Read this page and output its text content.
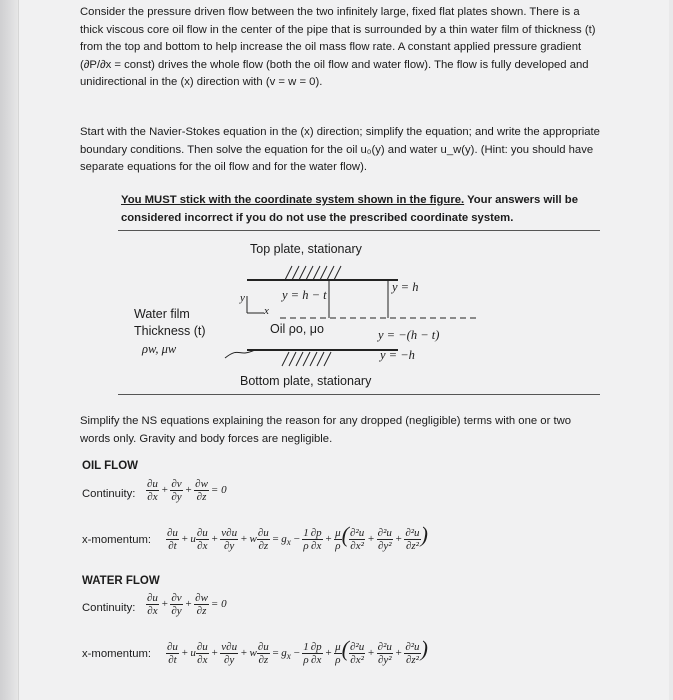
Consider the pressure driven flow between the two infinitely large, fixed flat plates shown. There is a thick viscous core oil flow in the center of the pipe that is surrounded by a thin water film of thickness (t) from the top and bottom to help increase the oil mass flow rate. A constant applied pressure gradient (∂P/∂x = const) drives the whole flow (both the oil flow and water flow). The flow is fully developed and unidirectional in the (x) direction with (v = w = 0).
Start with the Navier-Stokes equation in the (x) direction; simplify the equation; and write the appropriate boundary conditions. Then solve the equation for the oil u₀(y) and water u_w(y). (Hint: you should have separate equations for the oil flow and for the water flow).
You MUST stick with the coordinate system shown in the figure. Your answers will be considered incorrect if you do not use the prescribed coordinate system.
Top plate, stationary
y
x
y = h − t
y = h
Water film
Thickness (t)
ρw, μw
Oil ρo, μo	y = −(h − t)
y = −h
Bottom plate, stationary
Simplify the NS equations explaining the reason for any dropped (negligible) terms with one or two words only. Gravity and body forces are negligible.
OIL FLOW
Continuity: $\frac{\partial u}{\partial x} + \frac{\partial v}{\partial y} + \frac{\partial w}{\partial z} = 0$
x-momentum: $\frac{\partial u}{\partial t} + u \frac{\partial u}{\partial x} + \frac{v\partial u}{\partial y} + w \frac{\partial u}{\partial z} = g_x - \frac{1}{\rho} \frac{\partial p}{\partial x} + \frac{\mu}{\rho}$ ( $\frac{\text{∂²u}}{\text{∂x²}} + \frac{\text{∂²u}}{\text{∂y²}} + \frac{\text{∂²u}}{\text{∂z²}}$ )
WATER FLOW
Continuity: $\frac{\partial u}{\partial x} + \frac{\partial v}{\partial y} + \frac{\partial w}{\partial z} = 0$
x-momentum: $\frac{\partial u}{\partial t} + u \frac{\partial u}{\partial x} + \frac{v\partial u}{\partial y} + w \frac{\partial u}{\partial z} = g_x - \frac{1}{\rho} \frac{\partial p}{\partial x} + \frac{\mu}{\rho}$ ( $\frac{\text{∂²u}}{\text{∂x²}} + \frac{\text{∂²u}}{\text{∂y²}} + \frac{\text{∂²u}}{\text{∂z²}}$ )
